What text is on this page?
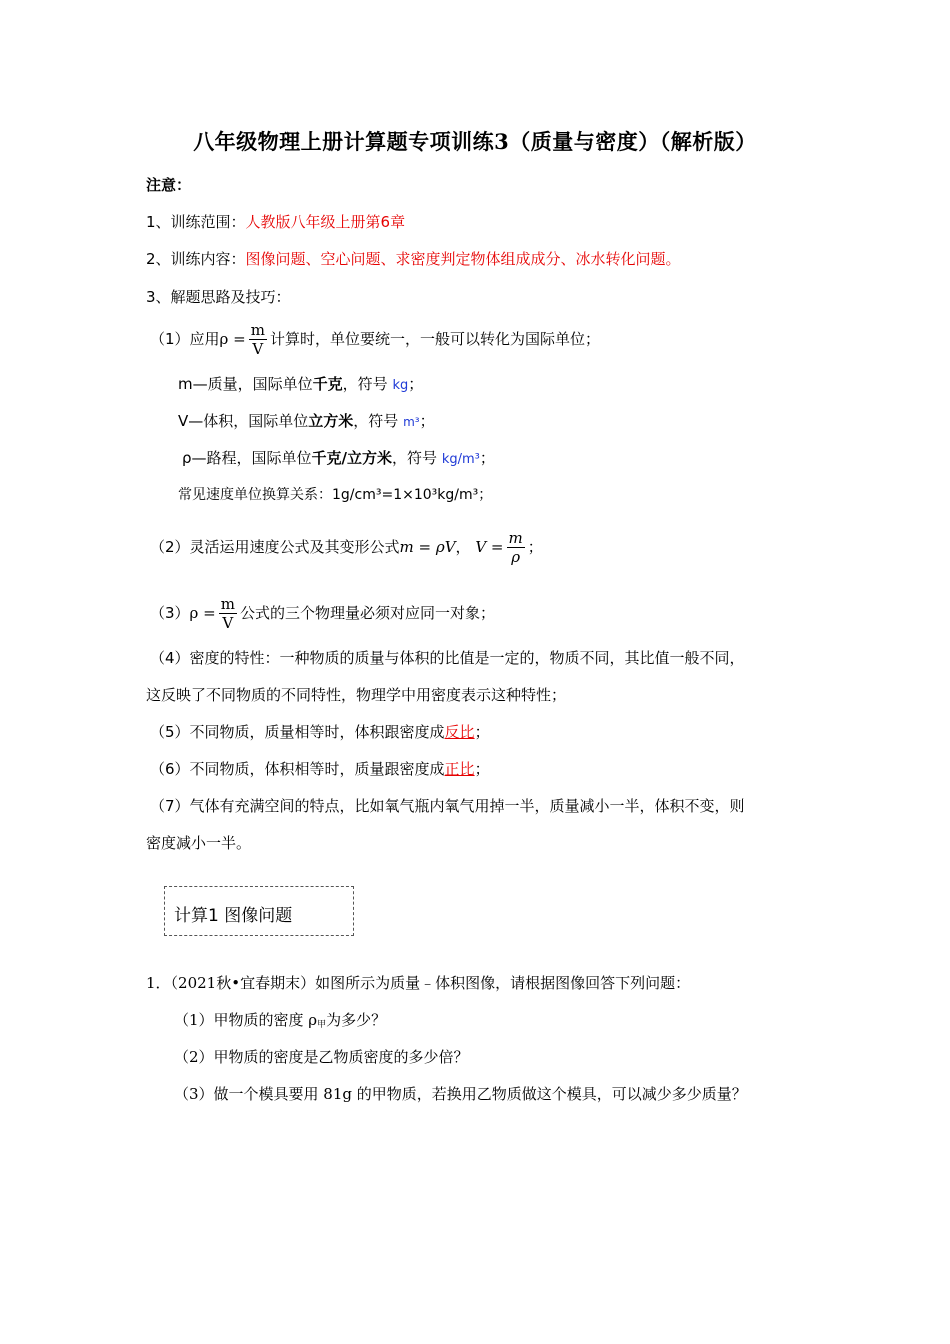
八年级物理上册计算题专项训练3（质量与密度）（解析版）
注意：
1、训练范围：人教版八年级上册第6章
2、训练内容：图像问题、空心问题、求密度判定物体组成成分、冰水转化问题。
3、解题思路及技巧：
（1）应用$\rho = \frac{m}{V}$ 计算时，单位要统一，一般可以转化为国际单位；
m—质量，国际单位千克，符号 kg；
V—体积，国际单位立方米，符号 m³；
ρ—路程，国际单位千克/立方米，符号 kg/m³；
常见速度单位换算关系：1g/cm³=1×10³kg/m³；
（2）灵活运用速度公式及其变形公式m = ρV， $V = \frac{m}{\rho}$ ；
$(3)\rho = \frac{m}{V}$ 公式的三个物理量必须对应同一对象；
（4）密度的特性：一种物质的质量与体积的比值是一定的，物质不同，其比值一般不同，
这反映了不同物质的不同特性，物理学中用密度表示这种特性；
（5）不同物质，质量相等时，体积跟密度成反比；
（6）不同物质，体积相等时，质量跟密度成正比；
（7）气体有充满空间的特点，比如氧气瓶内氧气用掉一半，质量减小一半，体积不变，则
密度减小一半。
计算1 图像问题
1．（2021秋•宜春期末）如图所示为质量﹣体积图像，请根据图像回答下列问题：
（1）甲物质的密度 $\rho_甲$为多少？
（2）甲物质的密度是乙物质密度的多少倍？
（3）做一个模具要用 81g 的甲物质，若换用乙物质做这个模具，可以减少多少质量？
